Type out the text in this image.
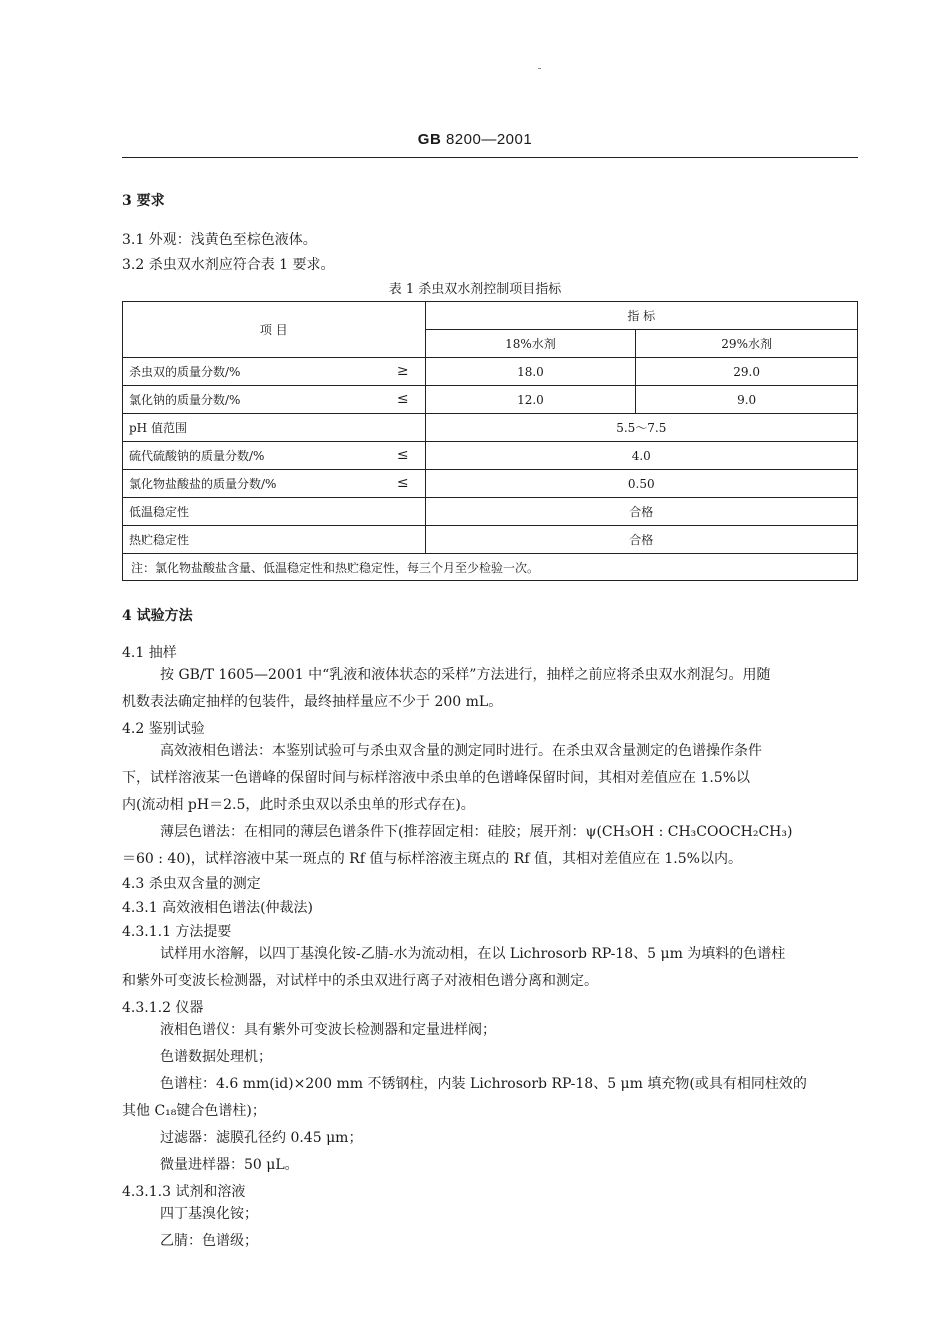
GB 8200—2001
3 要求
3.1 外观：浅黄色至棕色液体。
3.2 杀虫双水剂应符合表 1 要求。
表 1 杀虫双水剂控制项目指标
项 目	指 标	
	18%水剂	29%水剂
杀虫双的质量分数/% ≥	18.0	29.0
氯化钠的质量分数/% ≤	12.0	9.0
pH 值范围	5.5～7.5	
硫代硫酸钠的质量分数/% ≤	4.0	
氯化物盐酸盐的质量分数/% ≤	0.50	
低温稳定性	合格	
热贮稳定性	合格	
注：氯化物盐酸盐含量、低温稳定性和热贮稳定性，每三个月至少检验一次。		
4 试验方法
4.1 抽样
按 GB/T 1605—2001 中“乳液和液体状态的采样”方法进行，抽样之前应将杀虫双水剂混匀。用随
机数表法确定抽样的包装件，最终抽样量应不少于 200 mL。
4.2 鉴别试验
高效液相色谱法：本鉴别试验可与杀虫双含量的测定同时进行。在杀虫双含量测定的色谱操作条件
下，试样溶液某一色谱峰的保留时间与标样溶液中杀虫单的色谱峰保留时间，其相对差值应在 1.5%以
内(流动相 pH＝2.5，此时杀虫双以杀虫单的形式存在)。
薄层色谱法：在相同的薄层色谱条件下(推荐固定相：硅胶；展开剂：ψ(CH₃OH : CH₃COOCH₂CH₃)
＝60 : 40)，试样溶液中某一斑点的 Rf 值与标样溶液主斑点的 Rf 值，其相对差值应在 1.5%以内。
4.3 杀虫双含量的测定
4.3.1 高效液相色谱法(仲裁法)
4.3.1.1 方法提要
试样用水溶解，以四丁基溴化铵-乙腈-水为流动相，在以 Lichrosorb RP-18、5 μm 为填料的色谱柱
和紫外可变波长检测器，对试样中的杀虫双进行离子对液相色谱分离和测定。
4.3.1.2 仪器
液相色谱仪：具有紫外可变波长检测器和定量进样阀；
色谱数据处理机；
色谱柱：4.6 mm(id)×200 mm 不锈钢柱，内装 Lichrosorb RP-18、5 μm 填充物(或具有相同柱效的
其他 C₁₈键合色谱柱)；
过滤器：滤膜孔径约 0.45 μm；
微量进样器：50 μL。
4.3.1.3 试剂和溶液
四丁基溴化铵；
乙腈：色谱级；
